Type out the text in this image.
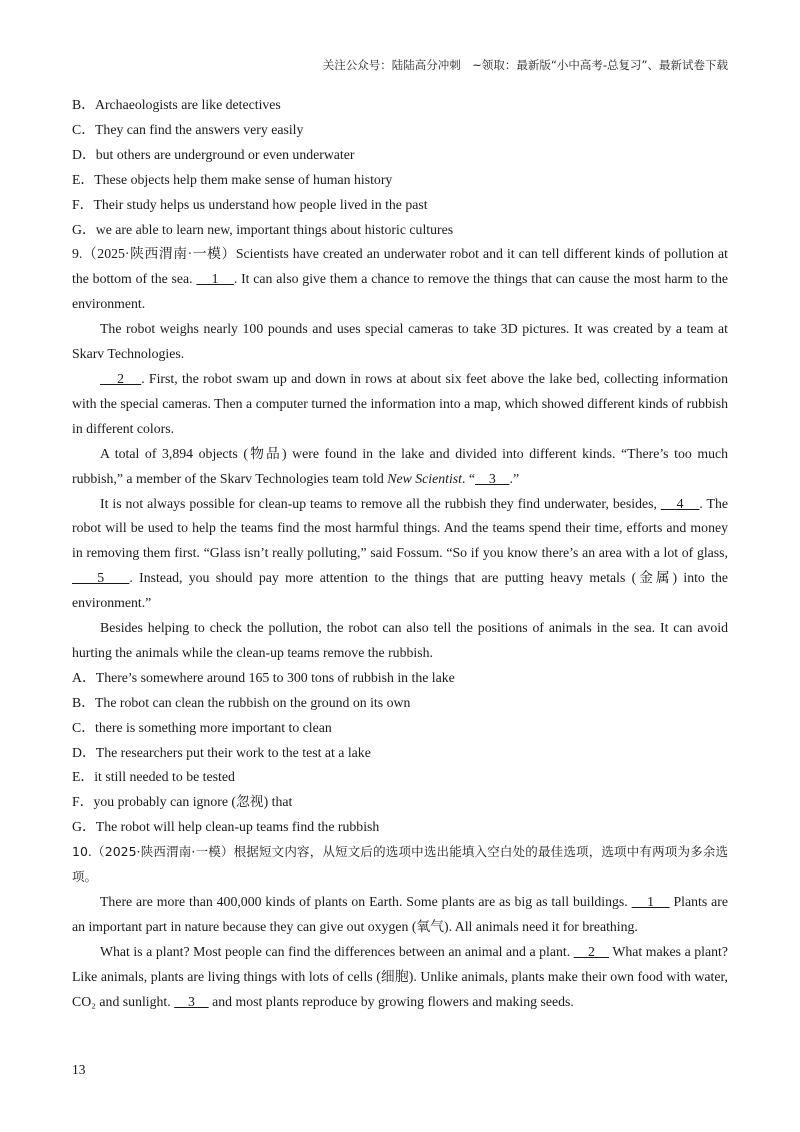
关注公众号：陆陆高分冲刺　~领取：最新版“小中高考-总复习”、最新试卷下载
B．Archaeologists are like detectives
C．They can find the answers very easily
D．but others are underground or even underwater
E．These objects help them make sense of human history
F．Their study helps us understand how people lived in the past
G．we are able to learn new, important things about historic cultures
9.（2025·陕西渭南·一模）Scientists have created an underwater robot and it can tell different kinds of pollution at the bottom of the sea.     1    . It can also give them a chance to remove the things that can cause the most harm to the environment.
The robot weighs nearly 100 pounds and uses special cameras to take 3D pictures. It was created by a team at Skarv Technologies.
2    . First, the robot swam up and down in rows at about six feet above the lake bed, collecting information with the special cameras. Then a computer turned the information into a map, which showed different kinds of rubbish in different colors.
A total of 3,894 objects (物品) were found in the lake and divided into different kinds. “There’s too much rubbish,” a member of the Skarv Technologies team told New Scientist. “    3    .”
It is not always possible for clean-up teams to remove all the rubbish they find underwater, besides,     4    . The robot will be used to help the teams find the most harmful things. And the teams spend their time, efforts and money in removing them first. “Glass isn’t really polluting,” said Fossum. “So if you know there’s an area with a lot of glass,     5    . Instead, you should pay more attention to the things that are putting heavy metals (金属) into the environment.”
Besides helping to check the pollution, the robot can also tell the positions of animals in the sea. It can avoid hurting the animals while the clean-up teams remove the rubbish.
A．There’s somewhere around 165 to 300 tons of rubbish in the lake
B．The robot can clean the rubbish on the ground on its own
C．there is something more important to clean
D．The researchers put their work to the test at a lake
E．it still needed to be tested
F．you probably can ignore (忽视) that
G．The robot will help clean-up teams find the rubbish
10.（2025·陕西渭南·一模）根据短文内容，从短文后的选项中选出能填入空白处的最佳选项，选项中有两项为多余选项。
There are more than 400,000 kinds of plants on Earth. Some plants are as big as tall buildings.     1     Plants are an important part in nature because they can give out oxygen (氧气). All animals need it for breathing.
What is a plant? Most people can find the differences between an animal and a plant.     2     What makes a plant? Like animals, plants are living things with lots of cells (细胞). Unlike animals, plants make their own food with water, CO₂ and sunlight.     3     and most plants reproduce by growing flowers and making seeds.
13
